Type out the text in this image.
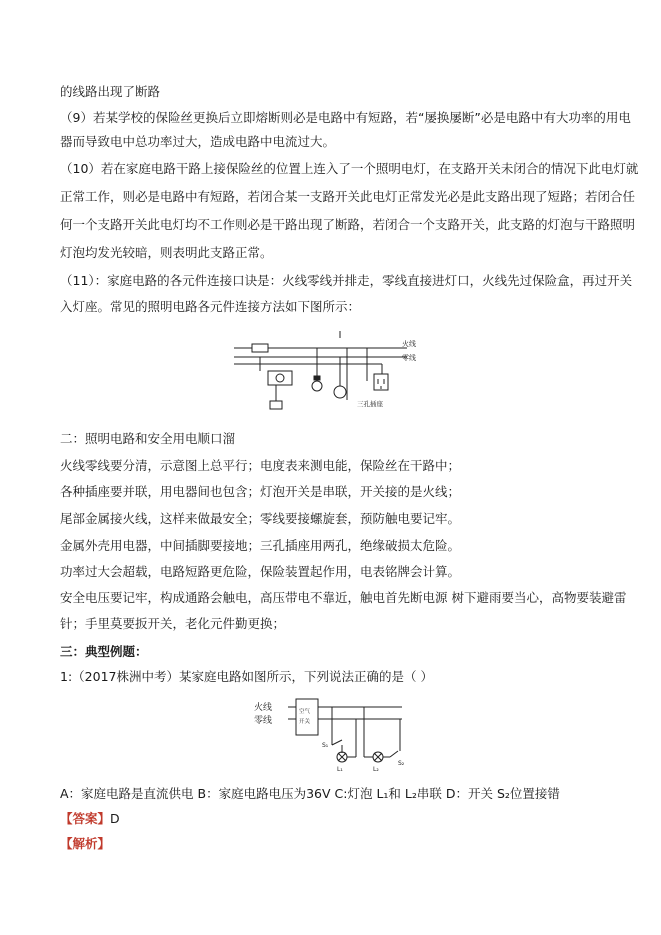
的线路出现了断路
（9）若某学校的保险丝更换后立即熔断则必是电路中有短路，若“屡换屡断”必是电路中有大功率的用电
器而导致电中总功率过大，造成电路中电流过大。
（10）若在家庭电路干路上接保险丝的位置上连入了一个照明电灯，在支路开关未闭合的情况下此电灯就
正常工作，则必是电路中有短路，若闭合某一支路开关此电灯正常发光必是此支路出现了短路；若闭合任
何一个支路开关此电灯均不工作则必是干路出现了断路，若闭合一个支路开关，此支路的灯泡与干路照明
灯泡均发光较暗，则表明此支路正常。
（11）：家庭电路的各元件连接口诀是：火线零线并排走，零线直接进灯口，火线先过保险盒，再过开关
入灯座。常见的照明电路各元件连接方法如下图所示：
火线
零线
三孔插座
二：照明电路和安全用电顺口溜
火线零线要分清，示意图上总平行；电度表来测电能，保险丝在干路中；
各种插座要并联，用电器间也包含；灯泡开关是串联，开关接的是火线；
尾部金属接火线，这样来做最安全；零线要接螺旋套，预防触电要记牢。
金属外壳用电器，中间插脚要接地；三孔插座用两孔，绝缘破损太危险。
功率过大会超载，电路短路更危险，保险装置起作用，电表铭牌会计算。
安全电压要记牢，构成通路会触电，高压带电不靠近，触电首先断电源 树下避雨要当心，高物要装避雷
针；手里莫要扳开关，老化元件勤更换；
三：典型例题：
1:（2017株洲中考）某家庭电路如图所示，下列说法正确的是（ ）
火线
零线
空气
开关
S₁
S₂
L₁	L₂
A：家庭电路是直流供电 B：家庭电路电压为36V C:灯泡 L₁和 L₂串联 D：开关 S₂位置接错
【答案】D
【解析】
